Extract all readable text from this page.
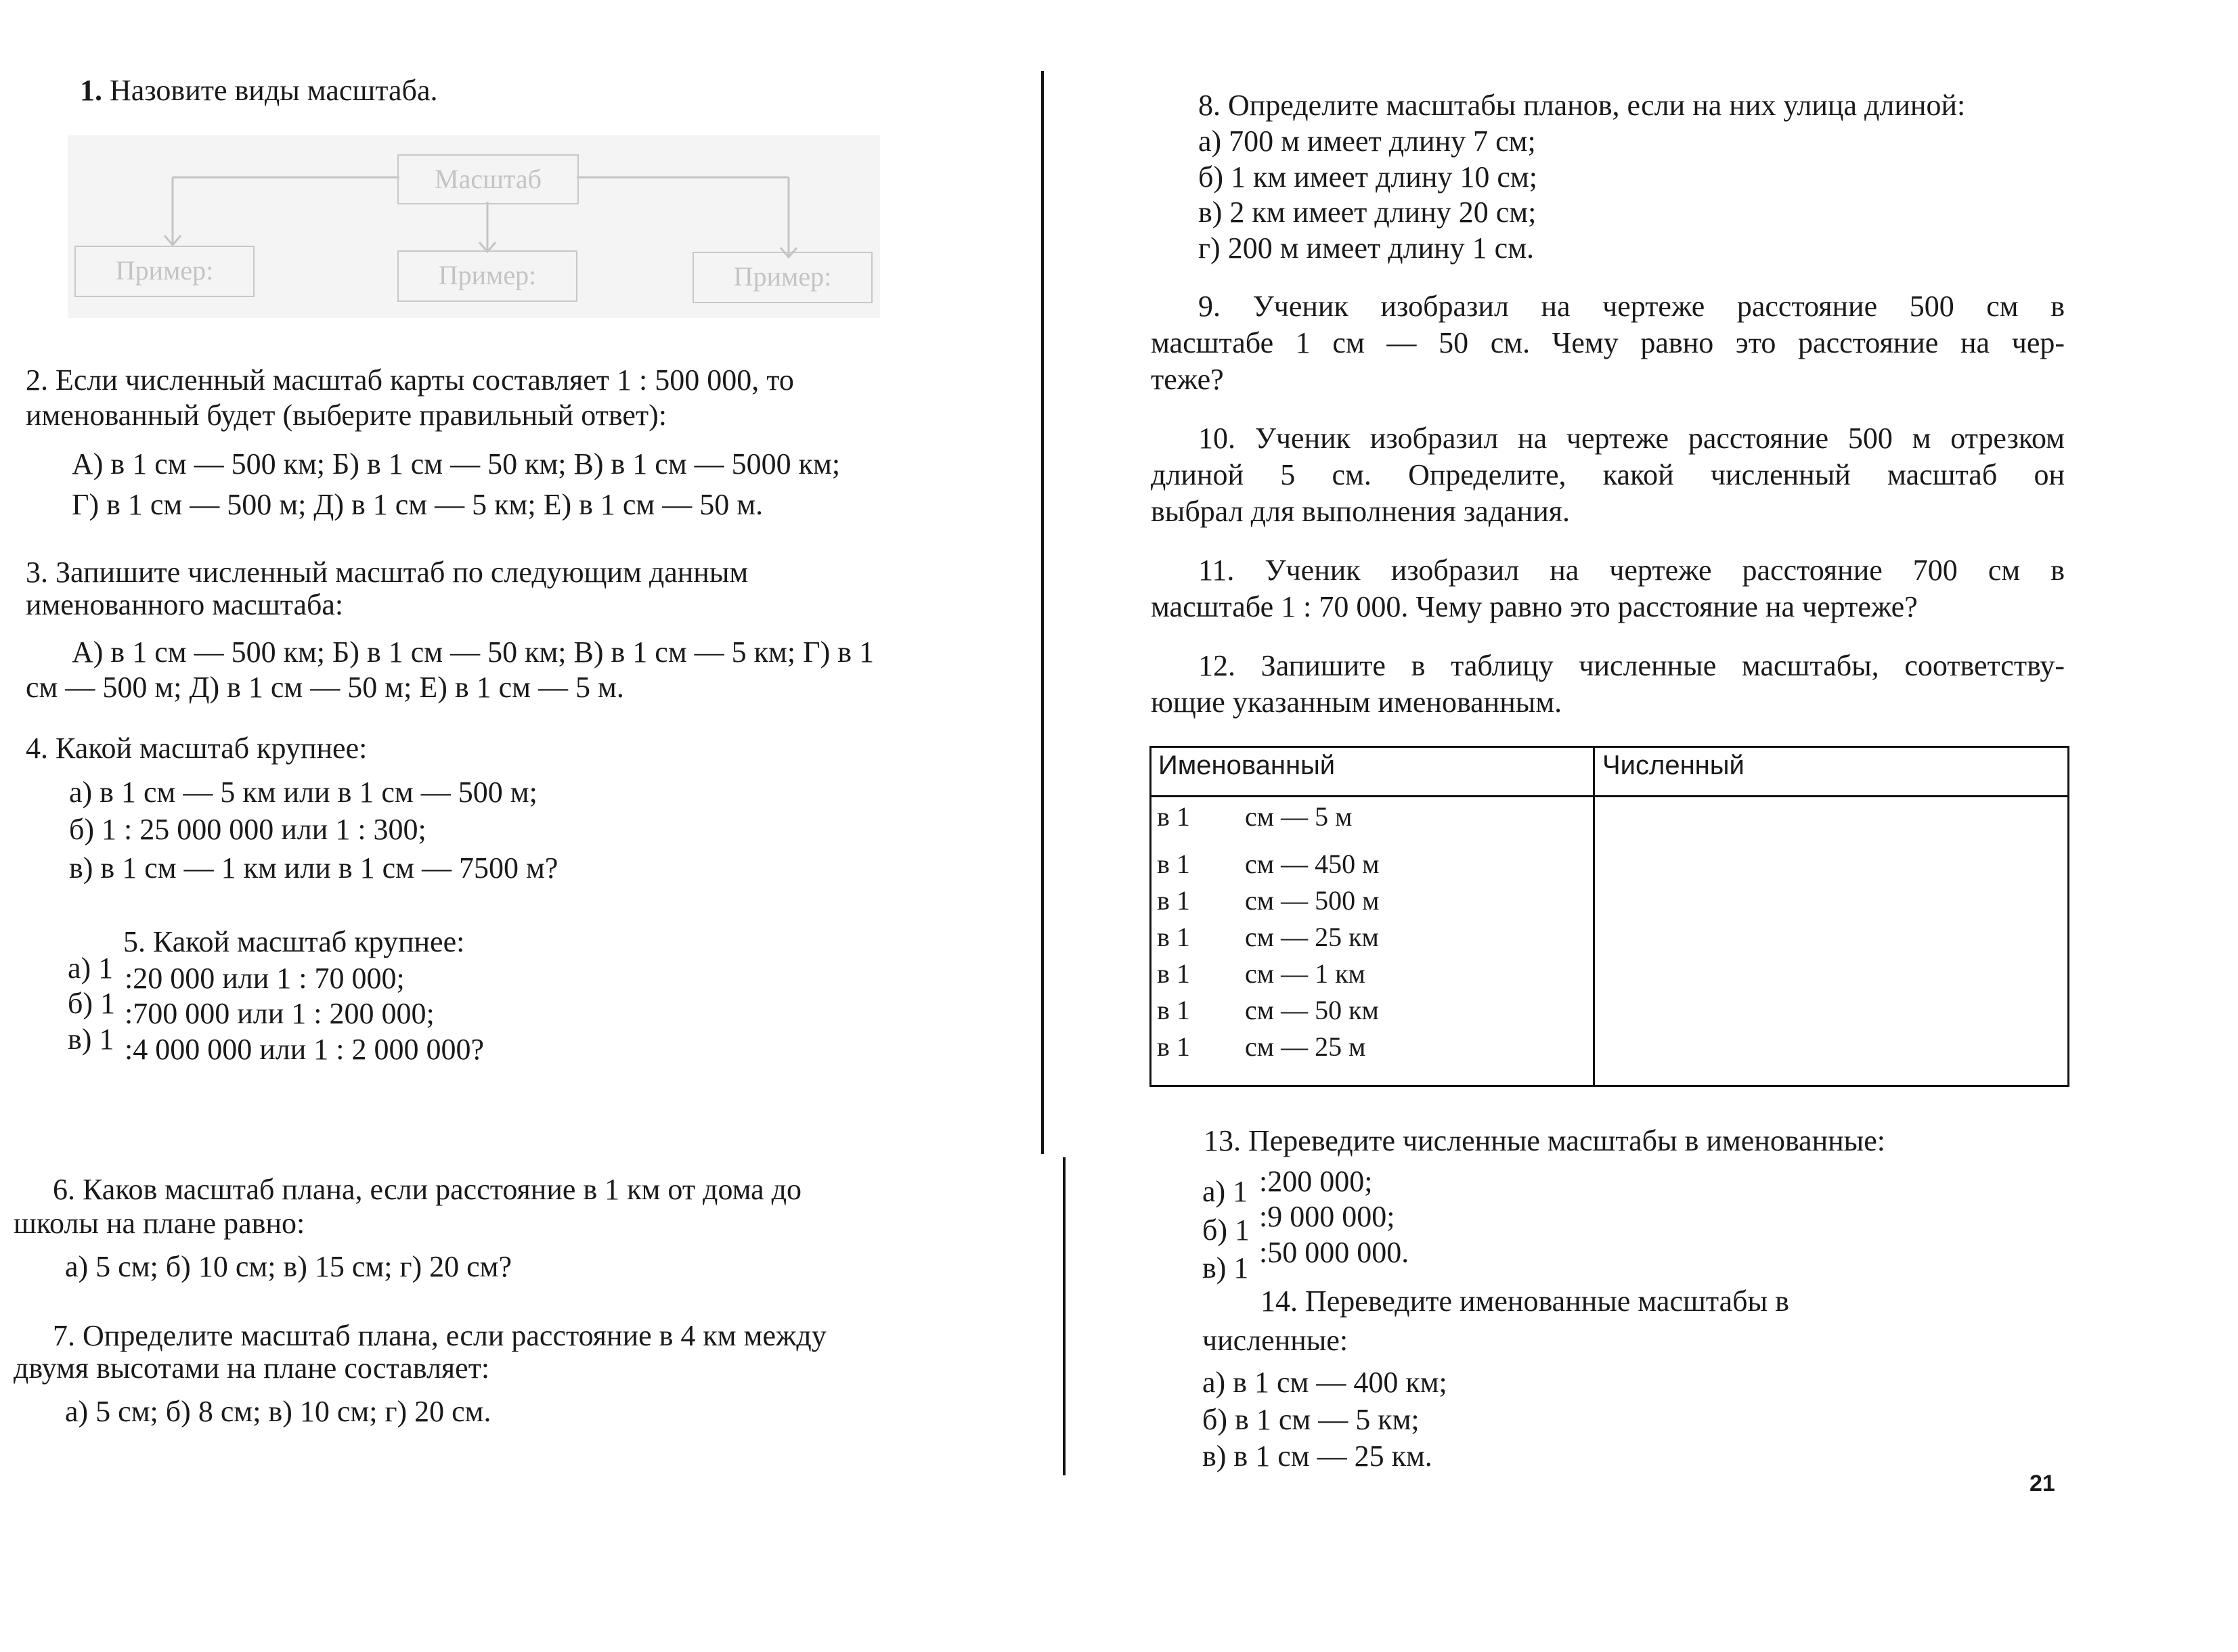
1. Назовите виды масштаба.
Масштаб
Пример:	Пример:	Пример:
2. Если численный масштаб карты составляет 1 : 500 000, то
именованный будет (выберите правильный ответ):
А) в 1 см — 500 км; Б) в 1 см — 50 км; В) в 1 см — 5000 км;
Г) в 1 см — 500 м; Д) в 1 см — 5 км; Е) в 1 см — 50 м.
3. Запишите численный масштаб по следующим данным
именованного масштаба:
А) в 1 см — 500 км; Б) в 1 см — 50 км; В) в 1 см — 5 км; Г) в 1
см — 500 м; Д) в 1 см — 50 м; Е) в 1 см — 5 м.
4. Какой масштаб крупнее:
а) в 1 см — 5 км или в 1 см — 500 м;
б) 1 : 25 000 000 или 1 : 300;
в) в 1 см — 1 км или в 1 см — 7500 м?
5. Какой масштаб крупнее:
а) 1 :20 000 или 1 : 70 000;
б) 1 :700 000 или 1 : 200 000;
в) 1 :4 000 000 или 1 : 2 000 000?
6. Каков масштаб плана, если расстояние в 1 км от дома до
школы на плане равно:
а) 5 см; б) 10 см; в) 15 см; г) 20 см?
7. Определите масштаб плана, если расстояние в 4 км между
двумя высотами на плане составляет:
а) 5 см; б) 8 см; в) 10 см; г) 20 см.
8. Определите масштабы планов, если на них улица длиной:
а) 700 м имеет длину 7 см;
б) 1 км имеет длину 10 см;
в) 2 км имеет длину 20 см;
г) 200 м имеет длину 1 см.
9. Ученик изобразил на чертеже расстояние 500 см в
масштабе 1 см — 50 см. Чему равно это расстояние на чер-
теже?
10. Ученик изобразил на чертеже расстояние 500 м отрезком
длиной 5 см. Определите, какой численный масштаб он
выбрал для выполнения задания.
11. Ученик изобразил на чертеже расстояние 700 см в
масштабе 1 : 70 000. Чему равно это расстояние на чертеже?
12. Запишите в таблицу численные масштабы, соответству-
ющие указанным именованным.
Именованный	Численный
в 1 см — 5 м
в 1 см — 450 м
в 1 см — 500 м
в 1 см — 25 км
в 1 см — 1 км
в 1 см — 50 км
в 1 см — 25 м
13. Переведите численные масштабы в именованные:
а) 1 :200 000;
б) 1 :9 000 000;
в) 1 :50 000 000.
14. Переведите именованные масштабы в
численные:
а) в 1 см — 400 км;
б) в 1 см — 5 км;
в) в 1 см — 25 км.
21
